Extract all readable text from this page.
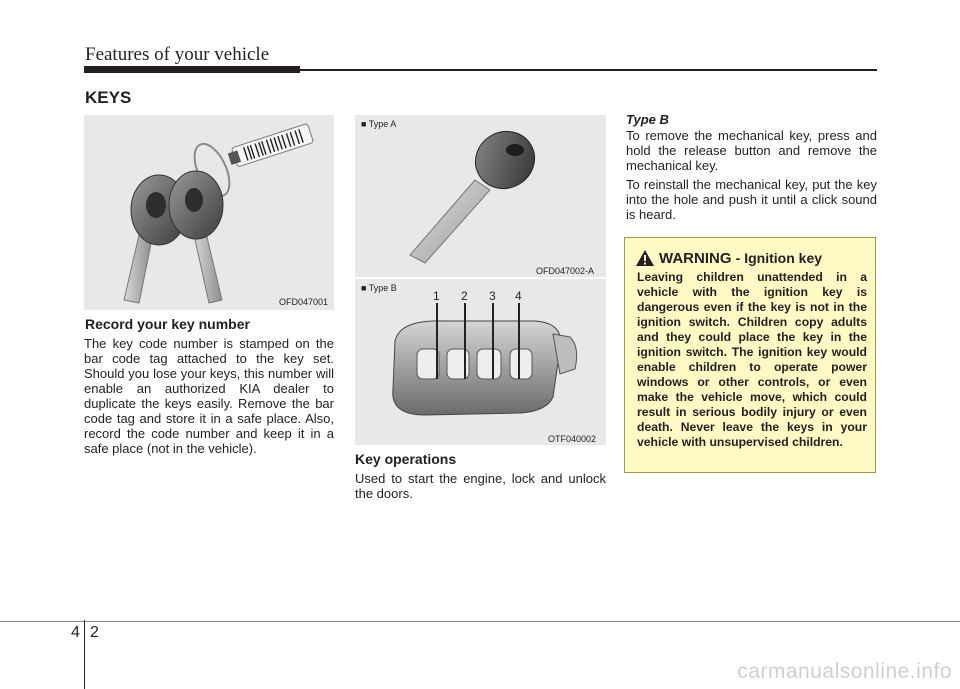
Features of your vehicle
KEYS
OFD047001
Record your key number

The key code number is stamped on the bar code tag attached to the key set. Should you lose your keys, this number will enable an authorized KIA dealer to duplicate the keys easily. Remove the bar code tag and store it in a safe place. Also, record the code number and keep it in a safe place (not in the vehicle).

■ Type A
OFD047002-A
■ Type B
1 2 3 4
OTF040002
Key operations

Used to start the engine, lock and unlock the doors.

Type B

To remove the mechanical key, press and hold the release button and remove the mechanical key.

To reinstall the mechanical key, put the key into the hole and push it until a click sound is heard.

WARNING - Ignition key

Leaving children unattended in a vehicle with the ignition key is dangerous even if the key is not in the ignition switch. Children copy adults and they could place the key in the ignition switch. The ignition key would enable children to operate power windows or other controls, or even make the vehicle move, which could result in serious bodily injury or even death. Never leave the keys in your vehicle with unsupervised children.

4 2
carmanualsonline.info
